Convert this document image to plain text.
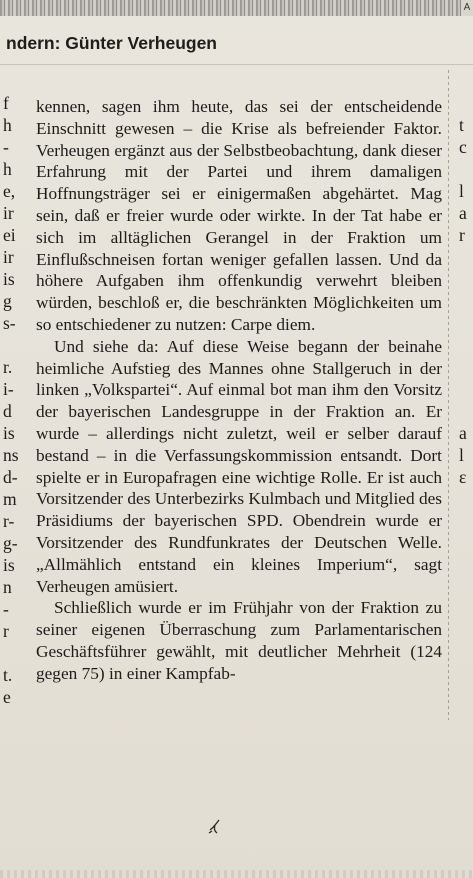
A
ndern: Günter Verheugen
f
h
-
h
e,
ir
ei
ir
is
g
s-
r.
i-
d
is
ns
d-
m
r-
g-
is
n
-
r
t.
e
t
c
l
a
r
a
l
ε

kennen, sagen ihm heute, das sei der entscheidende Einschnitt gewesen – die Krise als befreiender Faktor. Verheugen ergänzt aus der Selbstbeobachtung, dank dieser Erfahrung mit der Partei und ihrem damaligen Hoffnungsträger sei er einigermaßen abgehärtet. Mag sein, daß er freier wurde oder wirkte. In der Tat habe er sich im alltäglichen Gerangel in der Fraktion um Einflußschneisen fortan weniger gefallen lassen. Und da höhere Aufgaben ihm offenkundig verwehrt bleiben würden, beschloß er, die beschränkten Möglichkeiten um so entschiedener zu nutzen: Carpe diem.

Und siehe da: Auf diese Weise begann der beinahe heimliche Aufstieg des Mannes ohne Stallgeruch in der linken „Volkspartei“. Auf einmal bot man ihm den Vorsitz der bayerischen Landesgruppe in der Fraktion an. Er wurde – allerdings nicht zuletzt, weil er selber darauf bestand – in die Verfassungskommission entsandt. Dort spielte er in Europafragen eine wichtige Rolle. Er ist auch Vorsitzender des Unterbezirks Kulmbach und Mitglied des Präsidiums der bayerischen SPD. Obendrein wurde er Vorsitzender des Rundfunkrates der Deutschen Welle. „Allmählich entstand ein kleines Imperium“, sagt Verheugen amüsiert.

Schließlich wurde er im Frühjahr von der Fraktion zu seiner eigenen Überraschung zum Parlamentarischen Geschäftsführer gewählt, mit deutlicher Mehrheit (124 gegen 75) in einer Kampfab-
